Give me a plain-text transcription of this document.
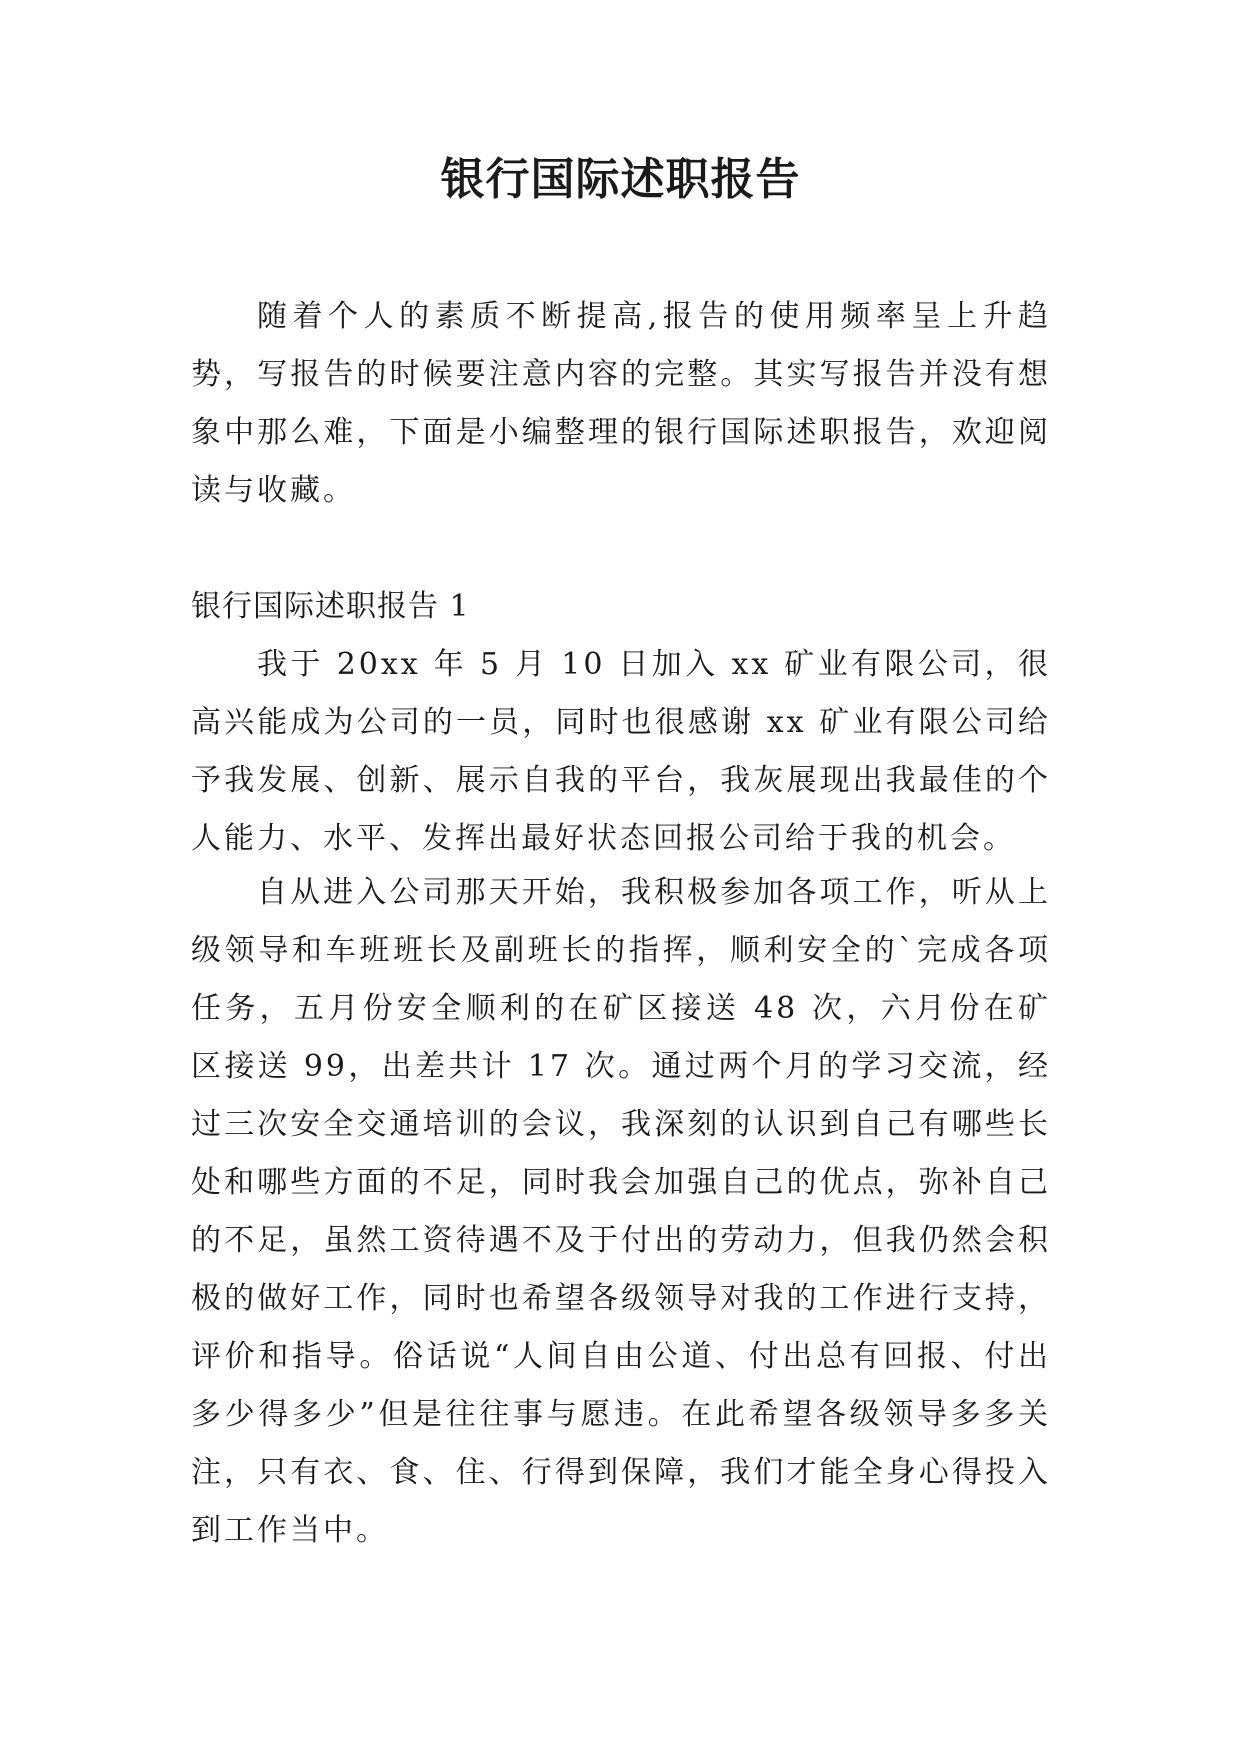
银行国际述职报告

随着个人的素质不断提高,报告的使用频率呈上升趋势，写报告的时候要注意内容的完整。其实写报告并没有想象中那么难，下面是小编整理的银行国际述职报告，欢迎阅读与收藏。

银行国际述职报告 1

我于 20xx 年 5 月 10 日加入 xx 矿业有限公司，很高兴能成为公司的一员，同时也很感谢 xx 矿业有限公司给予我发展、创新、展示自我的平台，我灰展现出我最佳的个人能力、水平、发挥出最好状态回报公司给于我的机会。

自从进入公司那天开始，我积极参加各项工作，听从上级领导和车班班长及副班长的指挥，顺利安全的`完成各项任务，五月份安全顺利的在矿区接送 48 次，六月份在矿区接送 99，出差共计 17 次。通过两个月的学习交流，经过三次安全交通培训的会议，我深刻的认识到自己有哪些长处和哪些方面的不足，同时我会加强自己的优点，弥补自己的不足，虽然工资待遇不及于付出的劳动力，但我仍然会积极的做好工作，同时也希望各级领导对我的工作进行支持，评价和指导。俗话说“人间自由公道、付出总有回报、付出多少得多少”但是往往事与愿违。在此希望各级领导多多关注，只有衣、食、住、行得到保障，我们才能全身心得投入到工作当中。
